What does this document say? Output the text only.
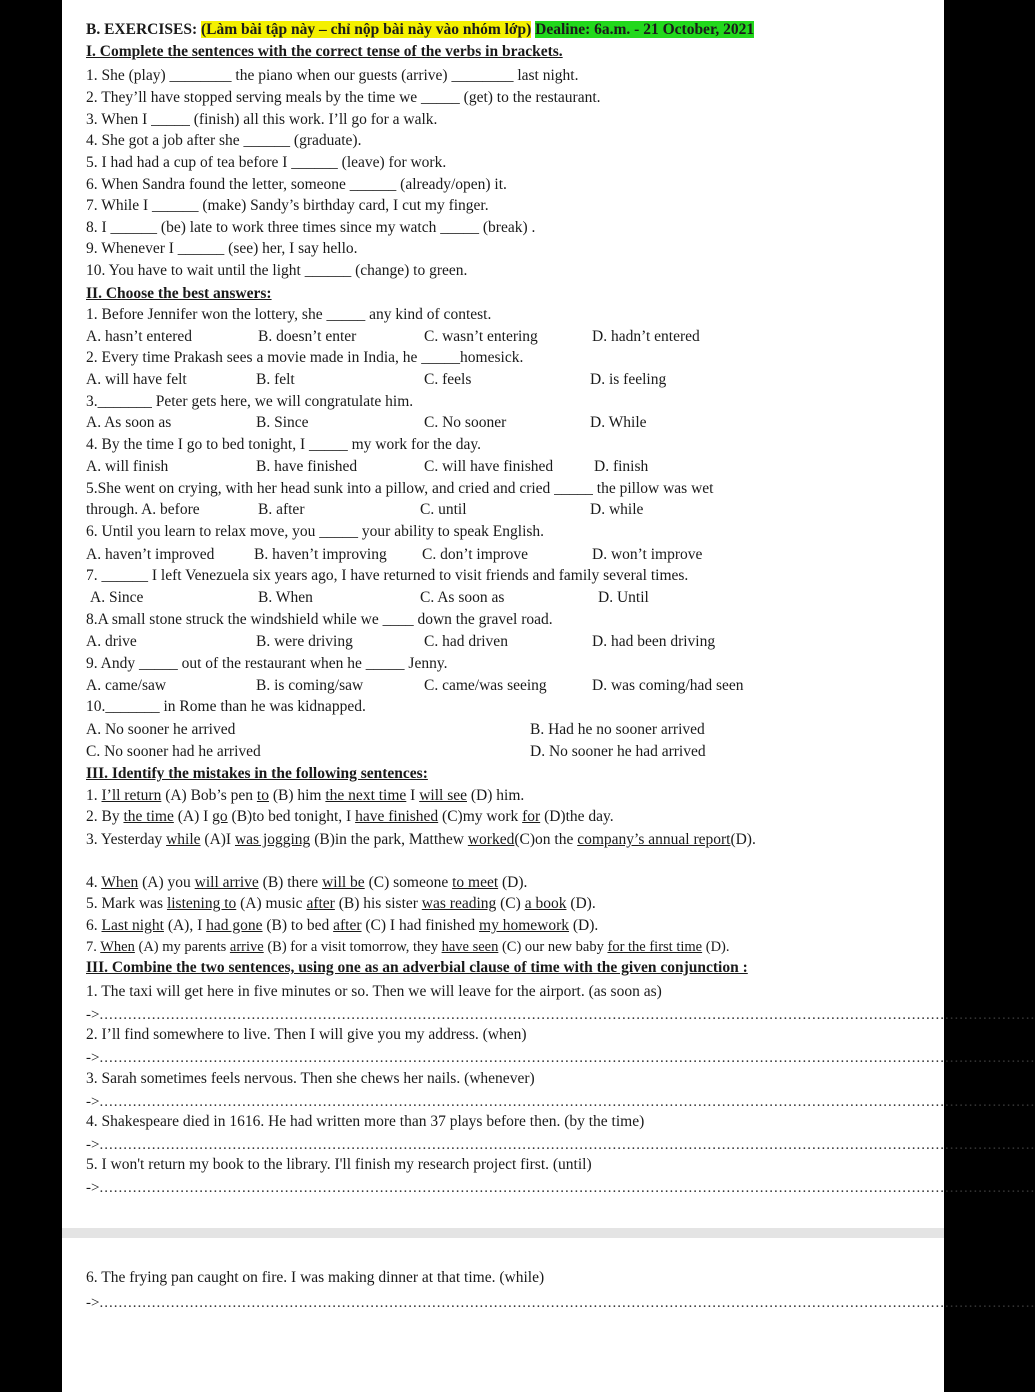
B. EXERCISES: (Làm bài tập này – chỉ nộp bài này vào nhóm lớp) Dealine: 6a.m. - 21 October, 2021
I. Complete the sentences with the correct tense of the verbs in brackets.
1. She (play) ________ the piano when our guests (arrive) ________ last night.
2. They’ll have stopped serving meals by the time we _____ (get) to the restaurant.
3. When I _____ (finish) all this work. I’ll go for a walk.
4. She got a job after she ______ (graduate).
5. I had had a cup of tea before I ______ (leave) for work.
6. When Sandra found the letter, someone ______ (already/open) it.
7. While I ______ (make) Sandy’s birthday card, I cut my finger.
8. I ______ (be) late to work three times since my watch _____ (break) .
9. Whenever I ______ (see) her, I say hello.
10. You have to wait until the light ______ (change) to green.
II. Choose the best answers:
1. Before Jennifer won the lottery, she _____ any kind of contest.
A. hasn’t entered	B. doesn’t enter	C. wasn’t entering	D. hadn’t entered
2. Every time Prakash sees a movie made in India, he _____homesick.
A. will have felt	B. felt	C. feels	D. is feeling
3._______ Peter gets here, we will congratulate him.
A. As soon as	B. Since	C. No sooner	D. While
4. By the time I go to bed tonight, I _____ my work for the day.
A. will finish	B. have finished	C. will have finished	D. finish
5.She went on crying, with her head sunk into a pillow, and cried and cried _____ the pillow was wet
through. A. before	B. after	C. until	D. while
6. Until you learn to relax move, you _____ your ability to speak English.
A. haven’t improved	B. haven’t improving C. don’t improve	D. won’t improve
7. ______ I left Venezuela six years ago, I have returned to visit friends and family several times.
A. Since	B. When	C. As soon as	D. Until
8.A small stone struck the windshield while we ____ down the gravel road.
A. drive	B. were driving	C. had driven	D. had been driving
9. Andy _____ out of the restaurant when he _____ Jenny.
A. came/saw	B. is coming/saw	C. came/was seeing	D. was coming/had seen
10._______ in Rome than he was kidnapped.
A. No sooner he arrived	B. Had he no sooner arrived
C. No sooner had he arrived	D. No sooner he had arrived
III. Identify the mistakes in the following sentences:
1. I’ll return (A) Bob’s pen to (B) him the next time I will see (D) him.
2. By the time (A) I go (B)to bed tonight, I have finished (C)my work for (D)the day.
3. Yesterday while (A)I was jogging (B)in the park, Matthew worked(C)on the company’s annual report(D).
4. When (A) you will arrive (B) there will be (C) someone to meet (D).
5. Mark was listening to (A) music after (B) his sister was reading (C) a book (D).
6. Last night (A), I had gone (B) to bed after (C) I had finished my homework (D).
7. When (A) my parents arrive (B) for a visit tomorrow, they have seen (C) our new baby for the first time (D).
III. Combine the two sentences, using one as an adverbial clause of time with the given conjunction :
1. The taxi will get here in five minutes or so. Then we will leave for the airport. (as soon as)
->.....................................................................................................................................................................................................
2. I’ll find somewhere to live. Then I will give you my address. (when)
->.....................................................................................................................................................................................................
3. Sarah sometimes feels nervous. Then she chews her nails. (whenever)
->.....................................................................................................................................................................................................
4. Shakespeare died in 1616. He had written more than 37 plays before then. (by the time)
->.....................................................................................................................................................................................................
5. I won't return my book to the library. I'll finish my research project first. (until)
->.....................................................................................................................................................................................................
6. The frying pan caught on fire. I was making dinner at that time. (while)
->.....................................................................................................................................................................................................
